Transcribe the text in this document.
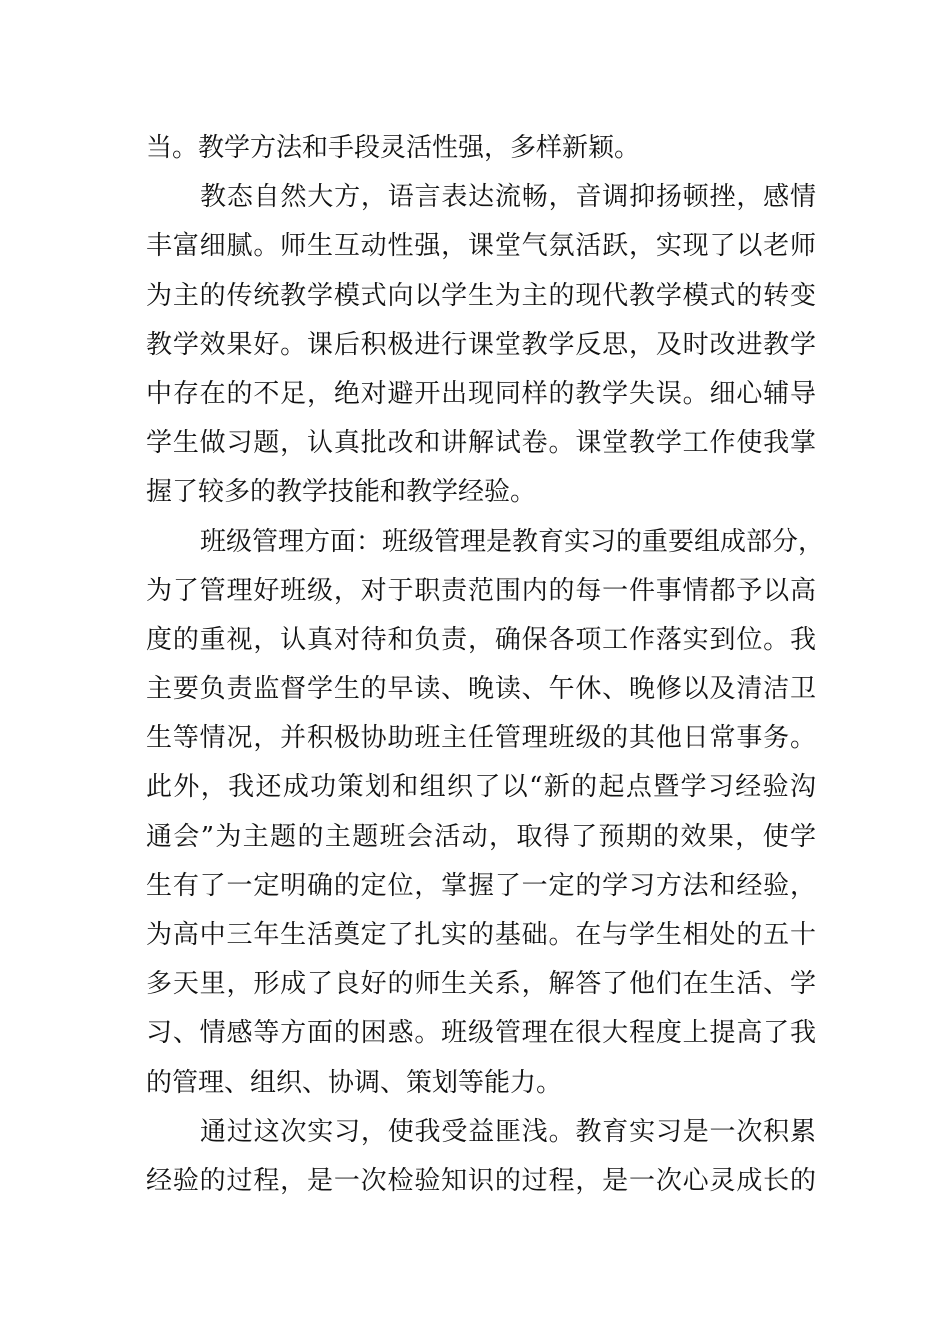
当。教学方法和手段灵活性强，多样新颖。
教态自然大方，语言表达流畅，音调抑扬顿挫，感情
丰富细腻。师生互动性强，课堂气氛活跃，实现了以老师
为主的传统教学模式向以学生为主的现代教学模式的转变
教学效果好。课后积极进行课堂教学反思，及时改进教学
中存在的不足，绝对避开出现同样的教学失误。细心辅导
学生做习题，认真批改和讲解试卷。课堂教学工作使我掌
握了较多的教学技能和教学经验。
班级管理方面：班级管理是教育实习的重要组成部分，
为了管理好班级，对于职责范围内的每一件事情都予以高
度的重视，认真对待和负责，确保各项工作落实到位。我
主要负责监督学生的早读、晚读、午休、晚修以及清洁卫
生等情况，并积极协助班主任管理班级的其他日常事务。
此外，我还成功策划和组织了以“新的起点暨学习经验沟
通会”为主题的主题班会活动，取得了预期的效果，使学
生有了一定明确的定位，掌握了一定的学习方法和经验，
为高中三年生活奠定了扎实的基础。在与学生相处的五十
多天里，形成了良好的师生关系，解答了他们在生活、学
习、情感等方面的困惑。班级管理在很大程度上提高了我
的管理、组织、协调、策划等能力。
通过这次实习，使我受益匪浅。教育实习是一次积累
经验的过程，是一次检验知识的过程，是一次心灵成长的
